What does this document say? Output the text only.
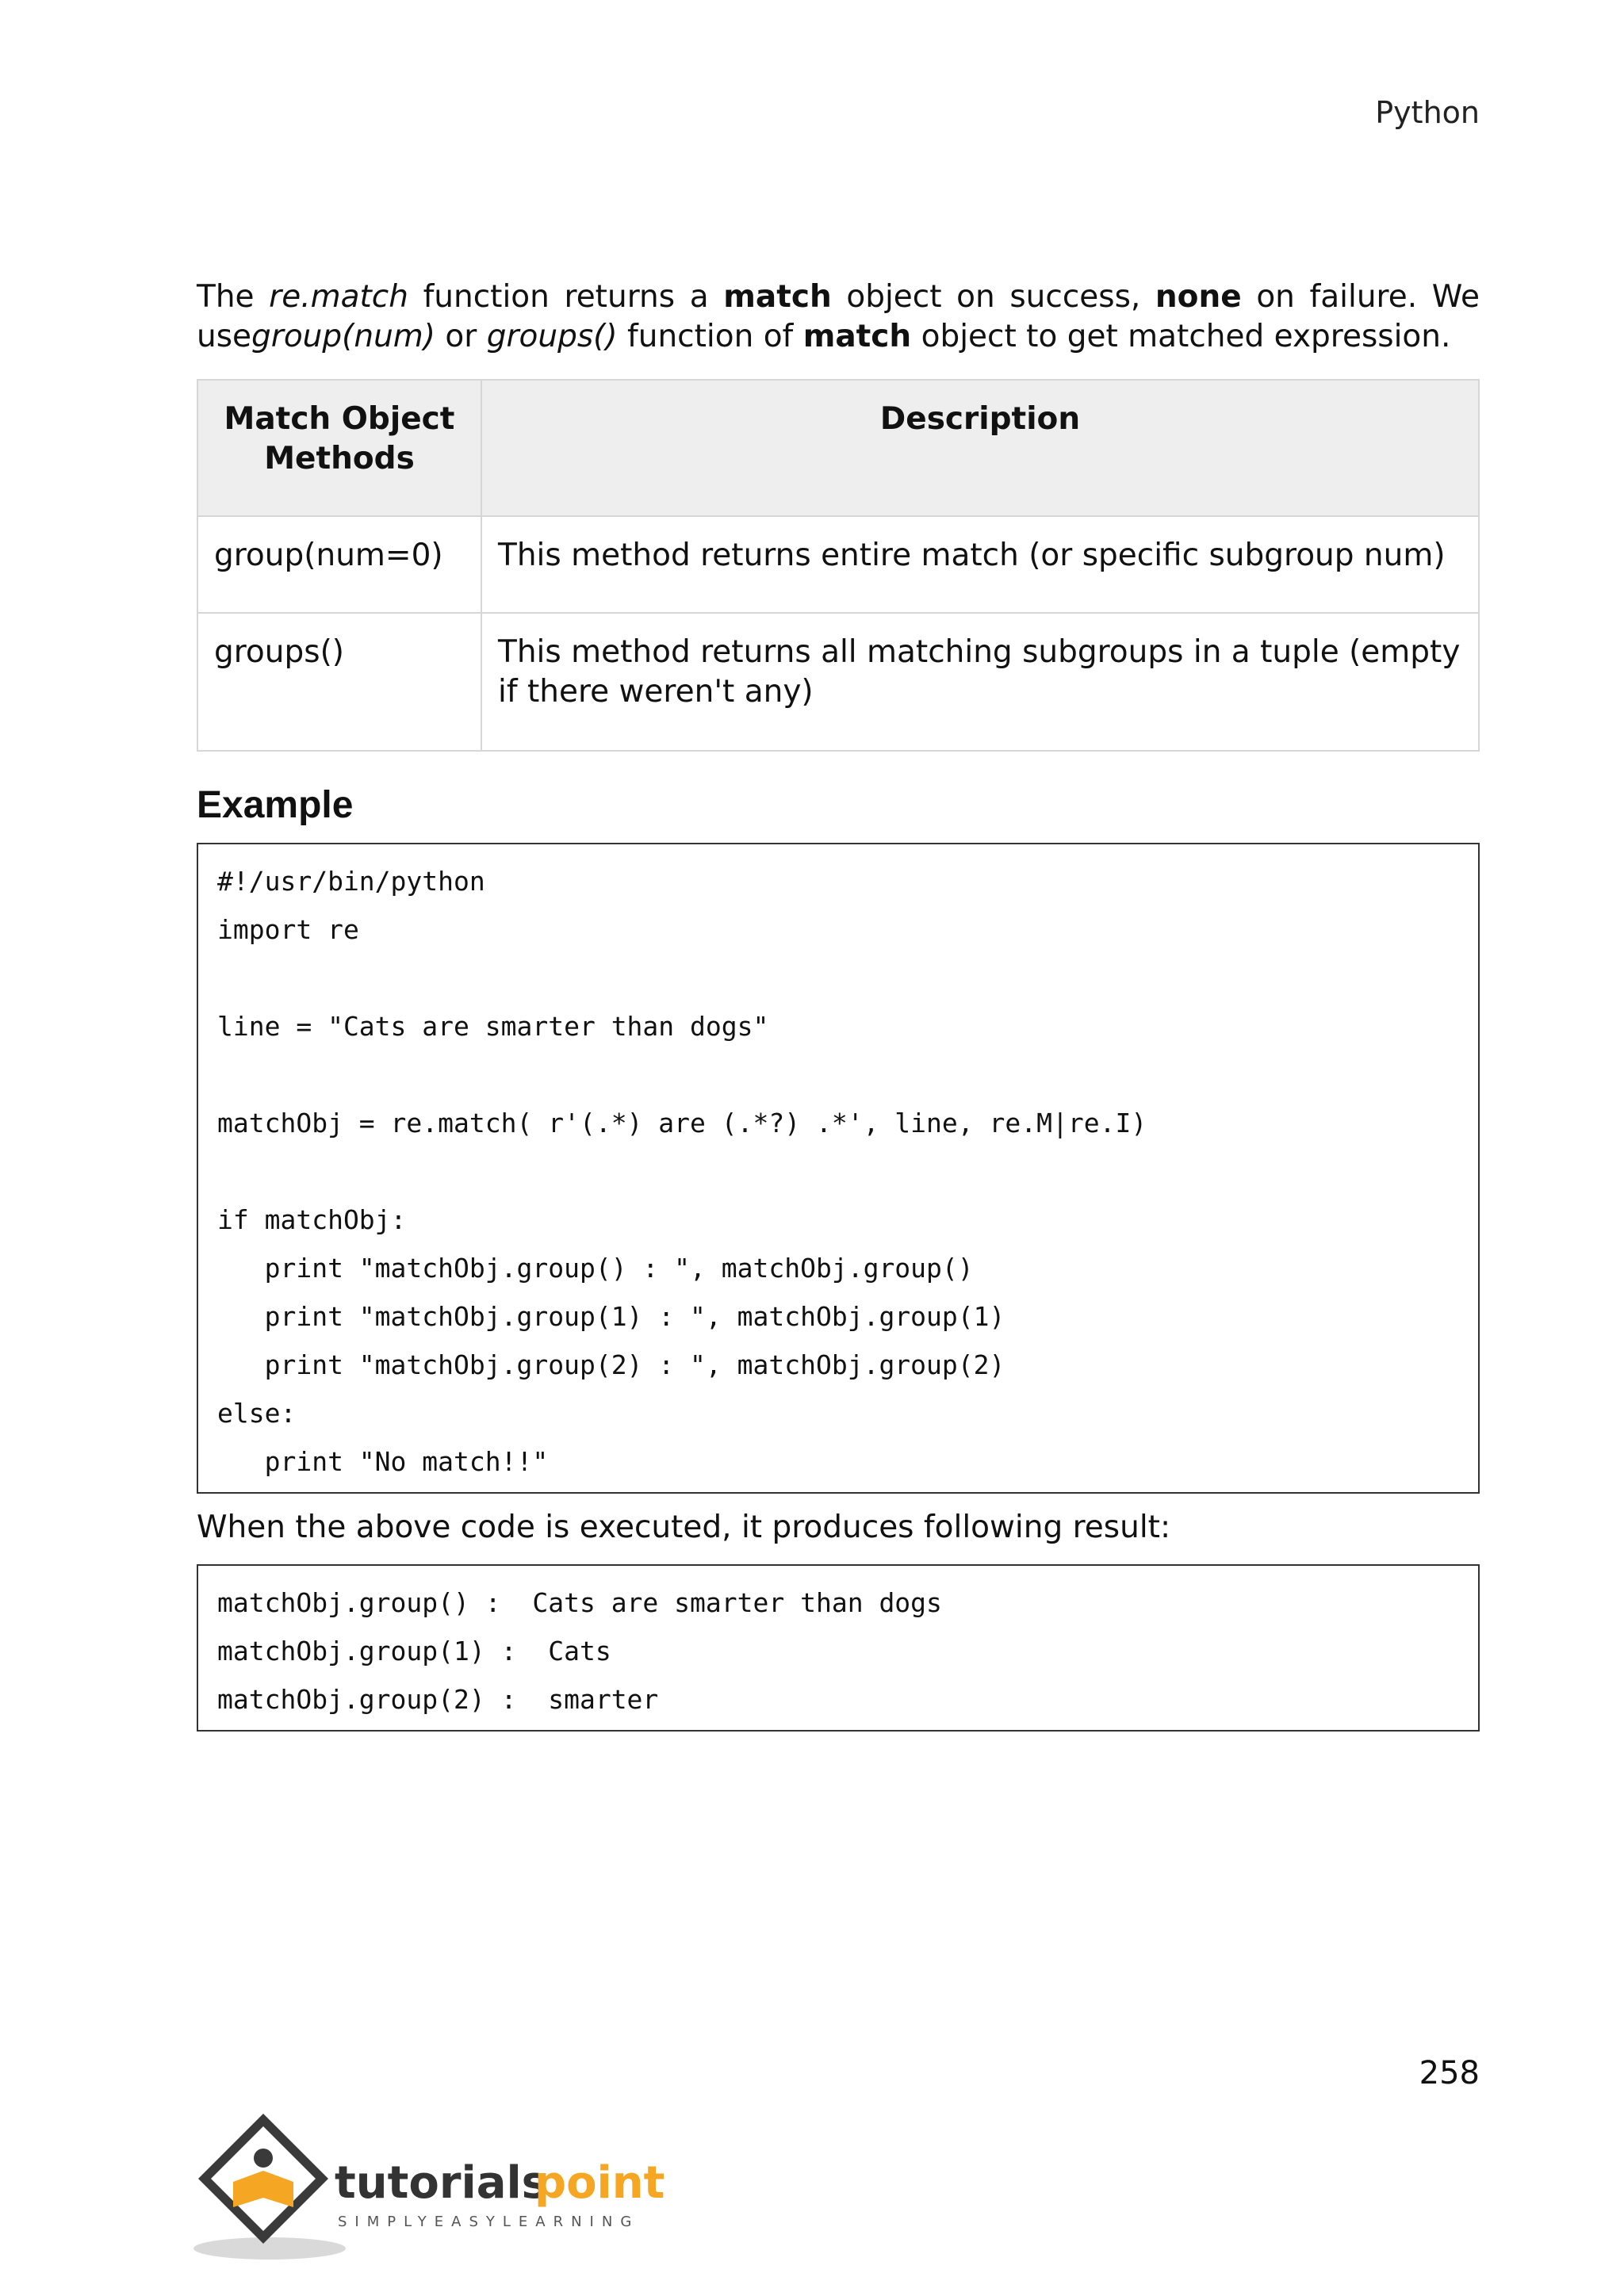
Python

The re.match function returns a match object on success, none on failure. We usegroup(num) or groups() function of match object to get matched expression.

Match Object Methods	Description
group(num=0)	This method returns entire match (or specific subgroup num)
groups()	This method returns all matching subgroups in a tuple (empty if there weren't any)
Example
#!/usr/bin/python
import re
line = "Cats are smarter than dogs"
matchObj = re.match( r'(.*) are (.*?) .*', line, re.M|re.I)
if matchObj:
print "matchObj.group() : ", matchObj.group()
print "matchObj.group(1) : ", matchObj.group(1)
print "matchObj.group(2) : ", matchObj.group(2)
else:
print "No match!!"
When the above code is executed, it produces following result:
matchObj.group() :  Cats are smarter than dogs
matchObj.group(1) :  Cats
matchObj.group(2) :  smarter
258
tutorials
point
SIMPLYEASYLEARNING
